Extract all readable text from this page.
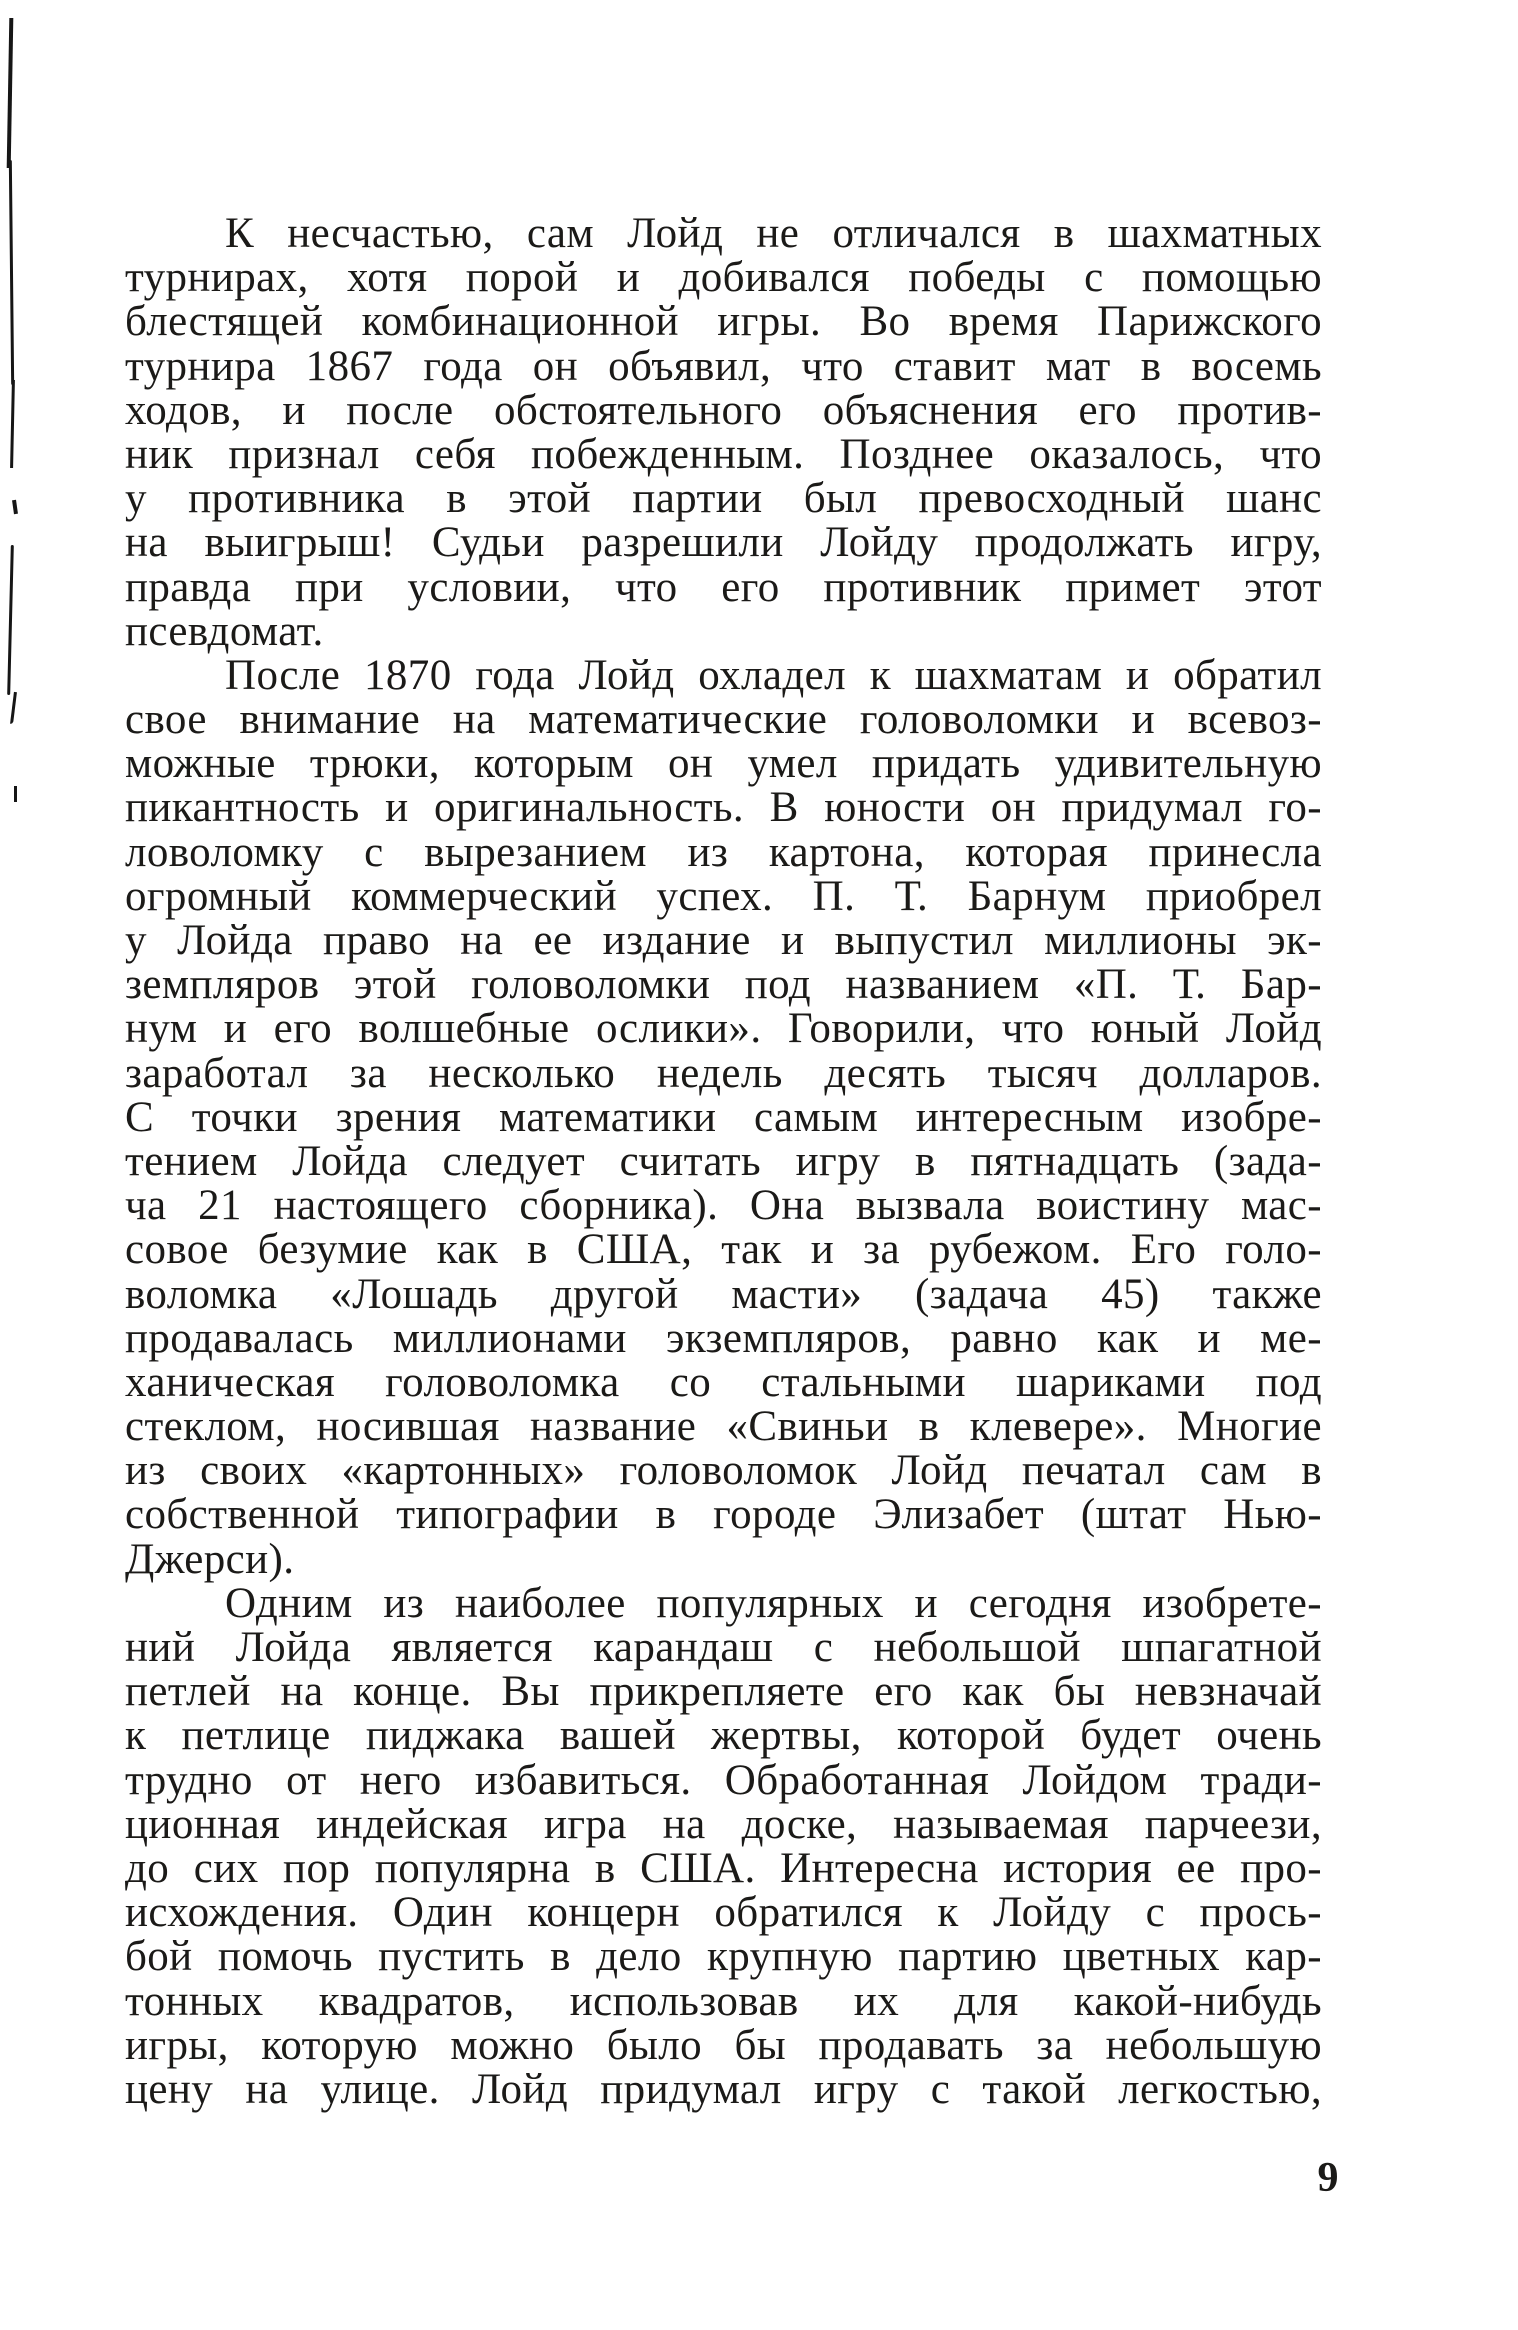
К несчастью, сам Лойд не отличался в шахматных
турнирах, хотя порой и добивался победы с помощью
блестящей комбинационной игры. Во время Парижского
турнира 1867 года он объявил, что ставит мат в восемь
ходов, и после обстоятельного объяснения его против-
ник признал себя побежденным. Позднее оказалось, что
у противника в этой партии был превосходный шанс
на выигрыш! Судьи разрешили Лойду продолжать игру,
правда при условии, что его противник примет этот
псевдомат.
После 1870 года Лойд охладел к шахматам и обратил
свое внимание на математические головоломки и всевоз-
можные трюки, которым он умел придать удивительную
пикантность и оригинальность. В юности он придумал го-
ловоломку с вырезанием из картона, которая принесла
огромный коммерческий успех. П. Т. Барнум приобрел
у Лойда право на ее издание и выпустил миллионы эк-
земпляров этой головоломки под названием «П. Т. Бар-
нум и его волшебные ослики». Говорили, что юный Лойд
заработал за несколько недель десять тысяч долларов.
С точки зрения математики самым интересным изобре-
тением Лойда следует считать игру в пятнадцать (зада-
ча 21 настоящего сборника). Она вызвала воистину мас-
совое безумие как в США, так и за рубежом. Его голо-
воломка «Лошадь другой масти» (задача 45) также
продавалась миллионами экземпляров, равно как и ме-
ханическая головоломка со стальными шариками под
стеклом, носившая название «Свиньи в клевере». Многие
из своих «картонных» головоломок Лойд печатал сам в
собственной типографии в городе Элизабет (штат Нью-
Джерси).
Одним из наиболее популярных и сегодня изобрете-
ний Лойда является карандаш с небольшой шпагатной
петлей на конце. Вы прикрепляете его как бы невзначай
к петлице пиджака вашей жертвы, которой будет очень
трудно от него избавиться. Обработанная Лойдом тради-
ционная индейская игра на доске, называемая парчеези,
до сих пор популярна в США. Интересна история ее про-
исхождения. Один концерн обратился к Лойду с прось-
бой помочь пустить в дело крупную партию цветных кар-
тонных квадратов, использовав их для какой-нибудь
игры, которую можно было бы продавать за небольшую
цену на улице. Лойд придумал игру с такой легкостью,
9
